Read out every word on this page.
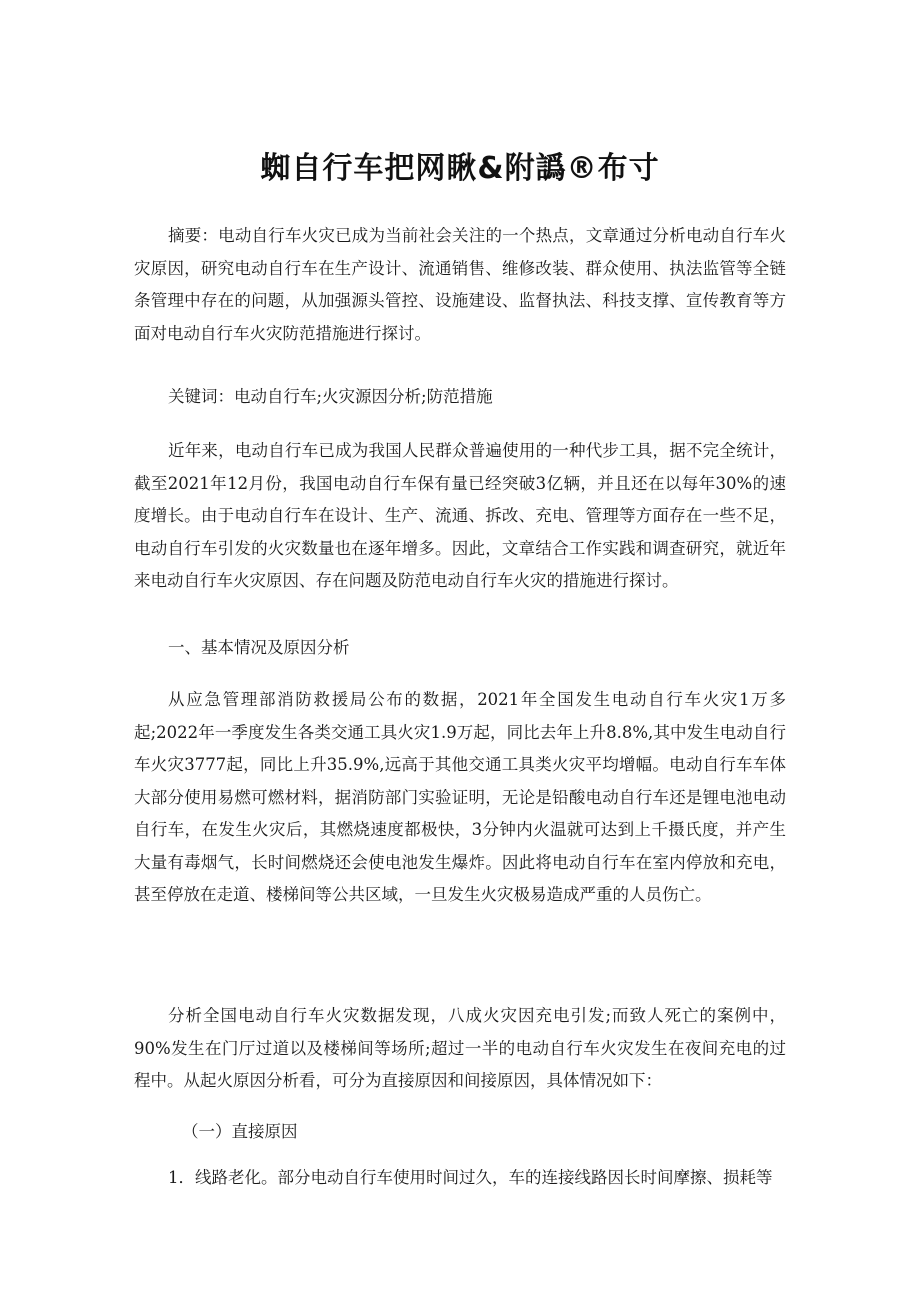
蜘自行车把网瞅&附譌®布寸

摘要：电动自行车火灾已成为当前社会关注的一个热点，文章通过分析电动自行车火灾原因，研究电动自行车在生产设计、流通销售、维修改装、群众使用、执法监管等全链条管理中存在的问题，从加强源头管控、设施建设、监督执法、科技支撑、宣传教育等方面对电动自行车火灾防范措施进行探讨。

关键词：电动自行车;火灾源因分析;防范措施

近年来，电动自行车已成为我国人民群众普遍使用的一种代步工具，据不完全统计，截至2021年12月份，我国电动自行车保有量已经突破3亿辆，并且还在以每年30%的速度增长。由于电动自行车在设计、生产、流通、拆改、充电、管理等方面存在一些不足，电动自行车引发的火灾数量也在逐年增多。因此，文章结合工作实践和调查研究，就近年来电动自行车火灾原因、存在问题及防范电动自行车火灾的措施进行探讨。

一、基本情况及原因分析

从应急管理部消防救援局公布的数据，2021年全国发生电动自行车火灾1万多起;2022年一季度发生各类交通工具火灾1.9万起，同比去年上升8.8%,其中发生电动自行车火灾3777起，同比上升35.9%,远高于其他交通工具类火灾平均增幅。电动自行车车体大部分使用易燃可燃材料，据消防部门实验证明，无论是铅酸电动自行车还是锂电池电动自行车，在发生火灾后，其燃烧速度都极快，3分钟内火温就可达到上千摄氏度，并产生大量有毒烟气，长时间燃烧还会使电池发生爆炸。因此将电动自行车在室内停放和充电，甚至停放在走道、楼梯间等公共区域，一旦发生火灾极易造成严重的人员伤亡。

分析全国电动自行车火灾数据发现，八成火灾因充电引发;而致人死亡的案例中，90%发生在门厅过道以及楼梯间等场所;超过一半的电动自行车火灾发生在夜间充电的过程中。从起火原因分析看，可分为直接原因和间接原因，具体情况如下：

（一）直接原因

1．线路老化。部分电动自行车使用时间过久，车的连接线路因长时间摩擦、损耗等
